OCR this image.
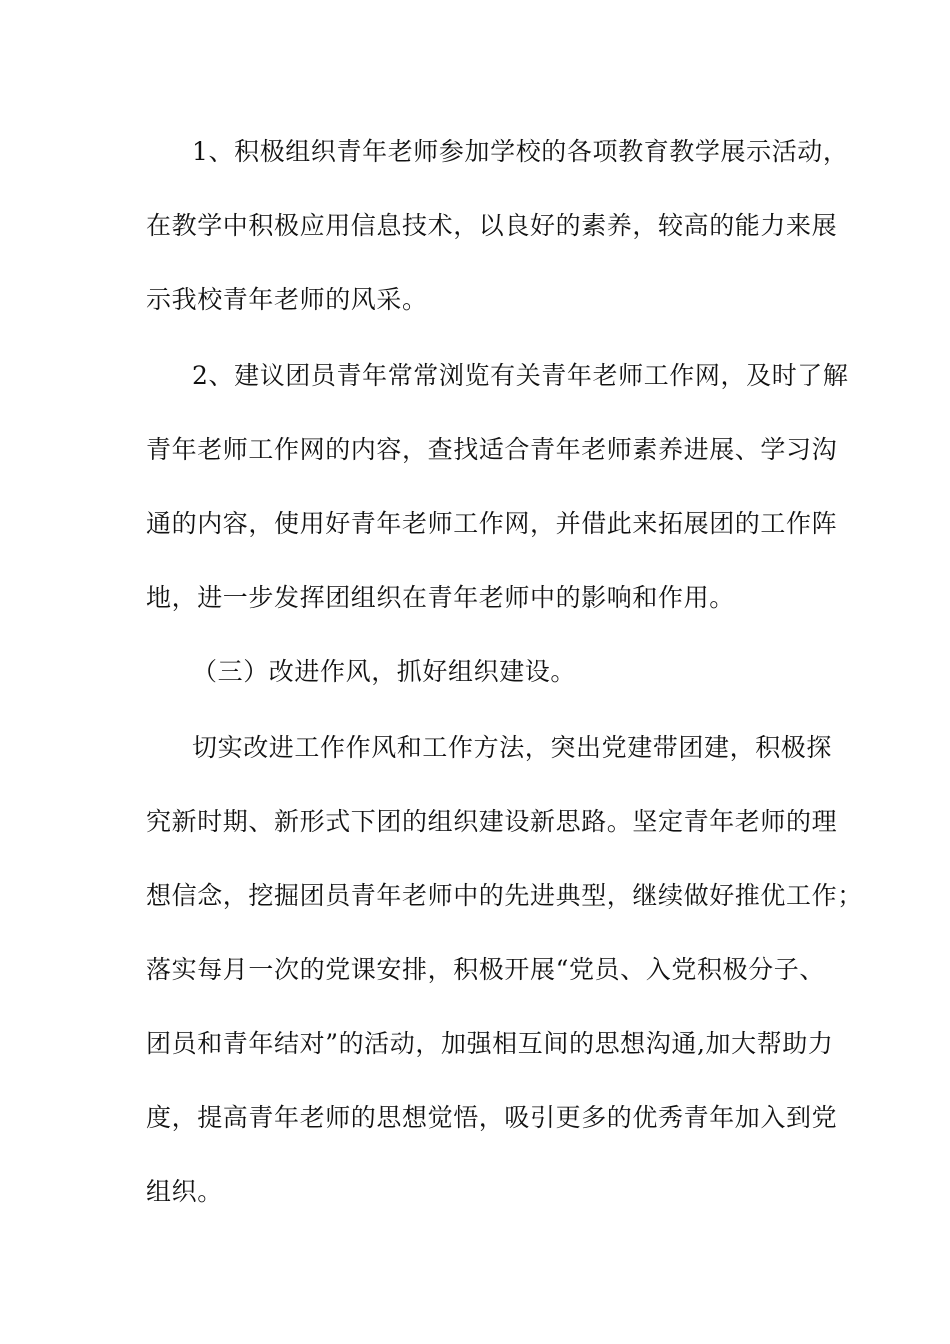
1、积极组织青年老师参加学校的各项教育教学展示活动，
在教学中积极应用信息技术，以良好的素养，较高的能力来展
示我校青年老师的风采。
2、建议团员青年常常浏览有关青年老师工作网，及时了解
青年老师工作网的内容，查找适合青年老师素养进展、学习沟
通的内容，使用好青年老师工作网，并借此来拓展团的工作阵
地，进一步发挥团组织在青年老师中的影响和作用。
（三）改进作风，抓好组织建设。
切实改进工作作风和工作方法，突出党建带团建，积极探
究新时期、新形式下团的组织建设新思路。坚定青年老师的理
想信念，挖掘团员青年老师中的先进典型，继续做好推优工作；
落实每月一次的党课安排，积极开展“党员、入党积极分子、
团员和青年结对”的活动，加强相互间的思想沟通,加大帮助力
度，提高青年老师的思想觉悟，吸引更多的优秀青年加入到党
组织。
